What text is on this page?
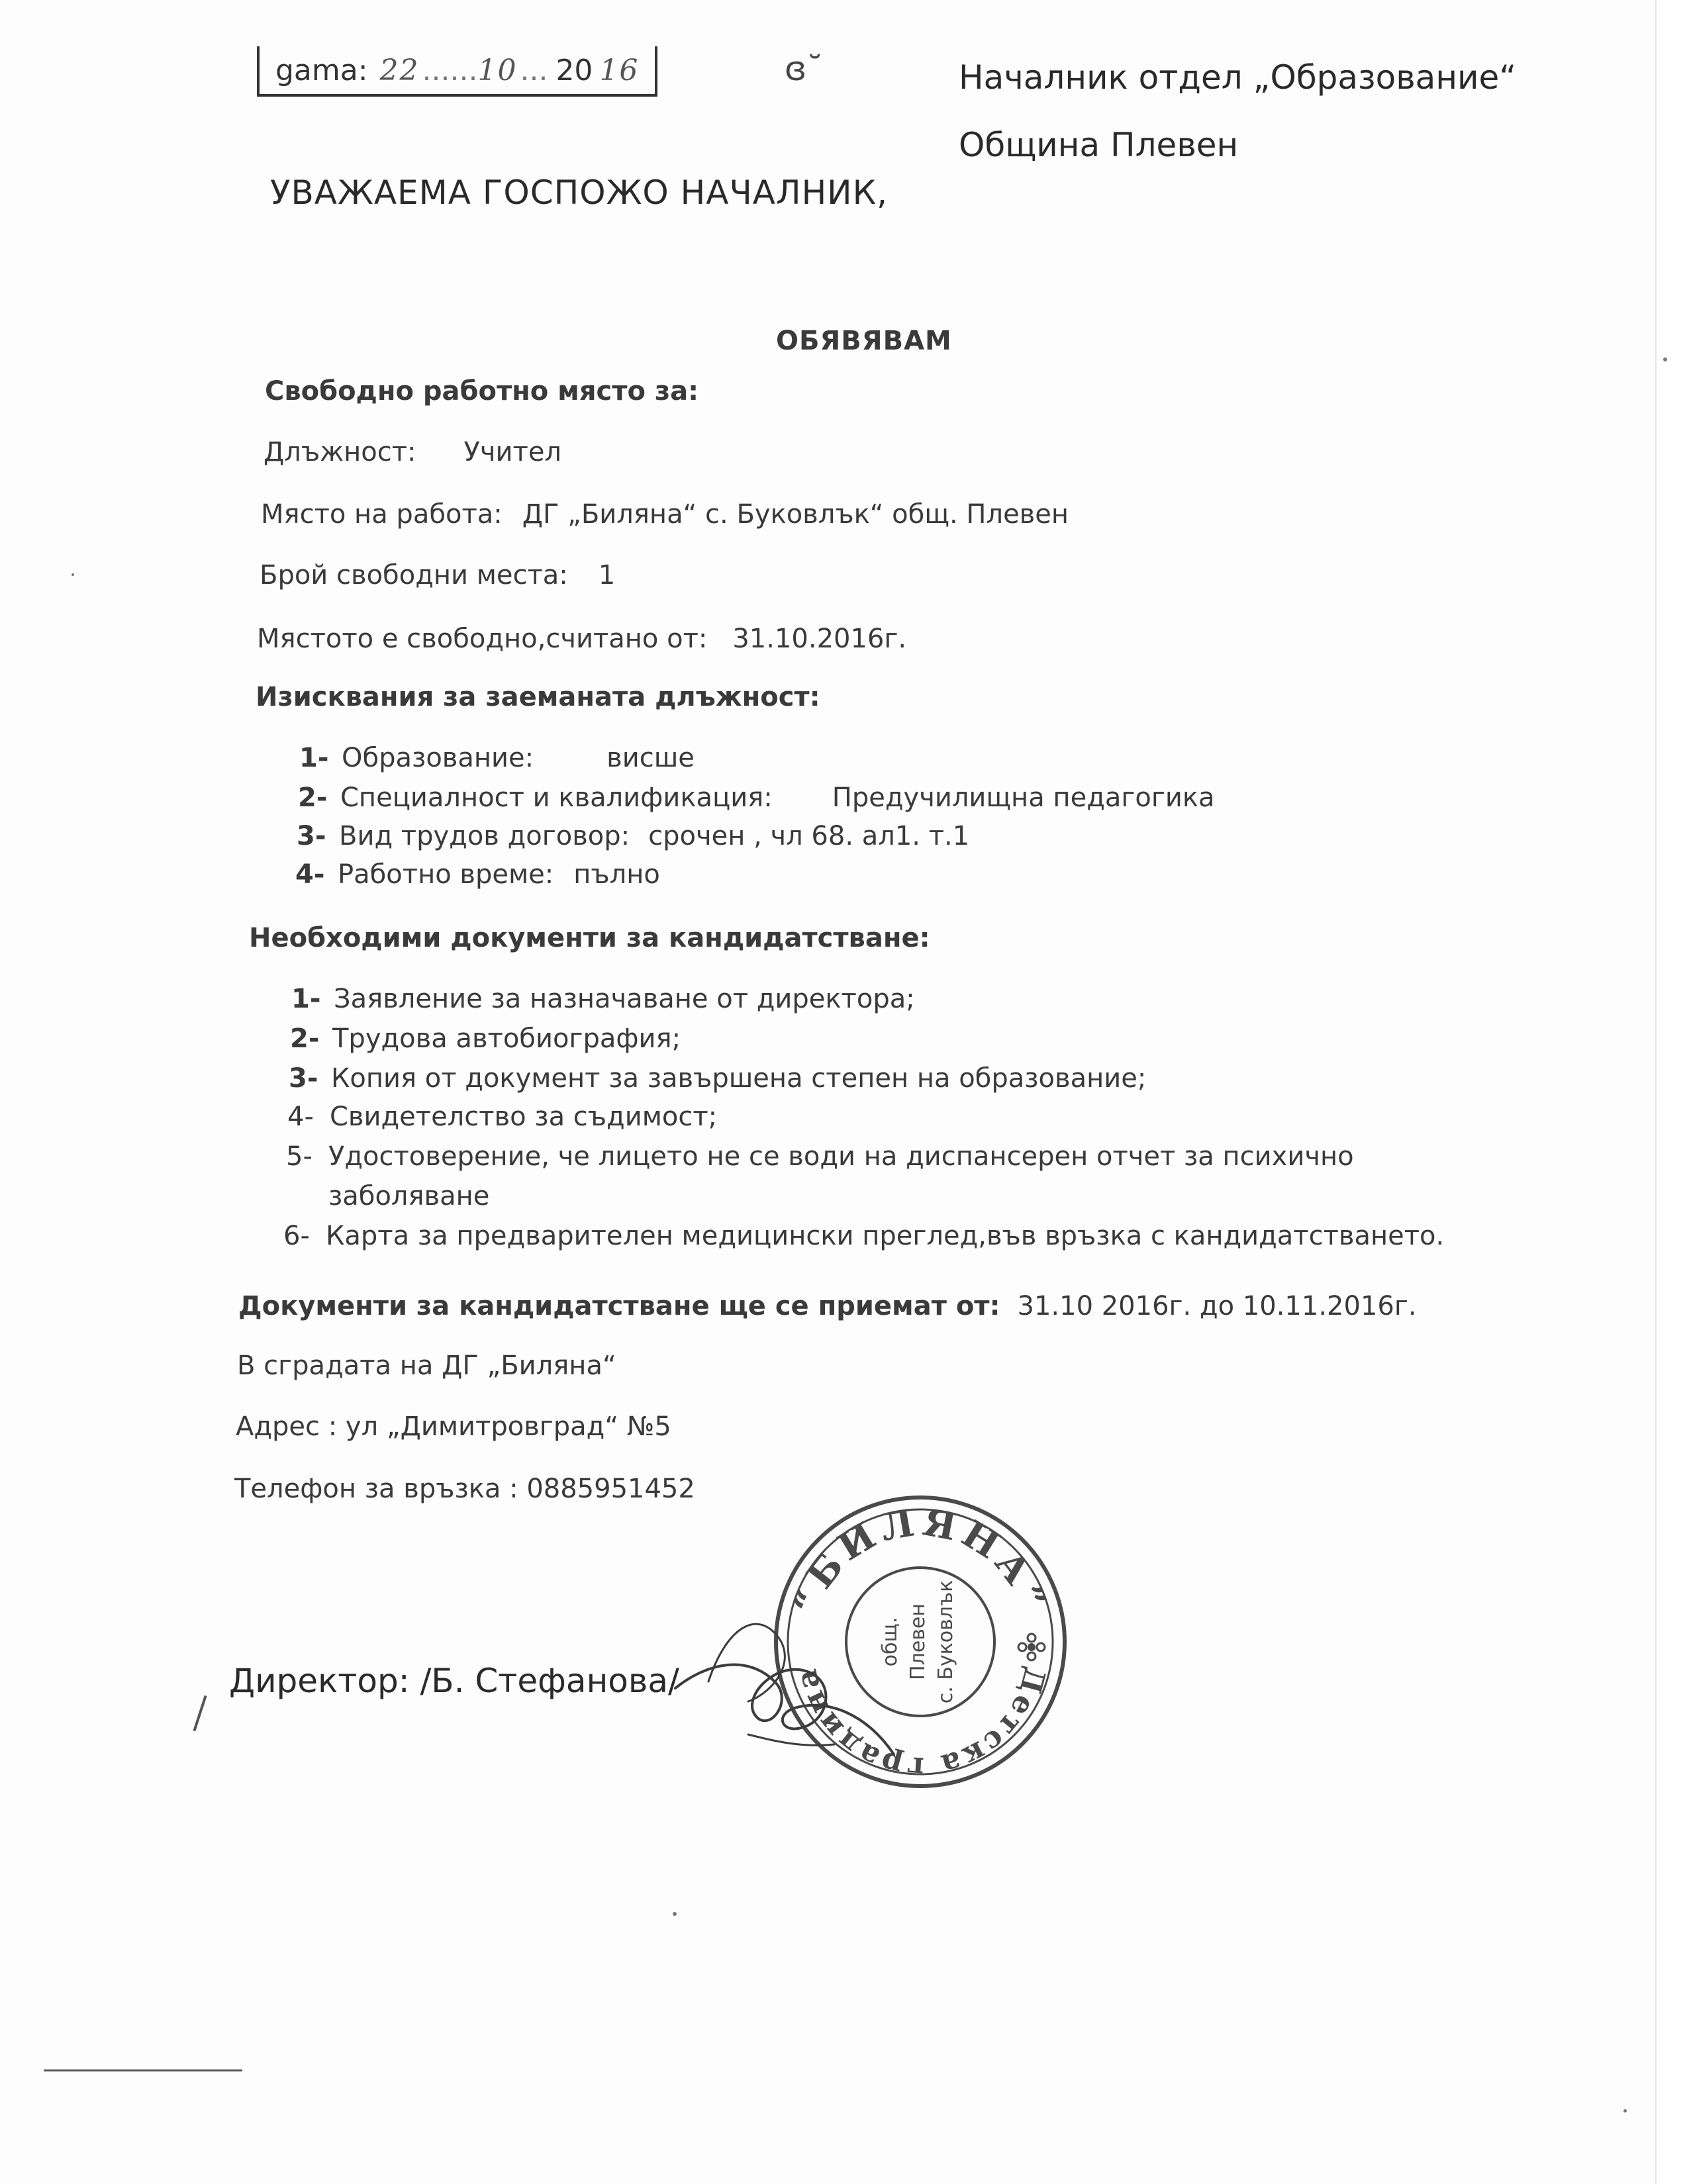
gama: 22 ...... 10 ... 20 16	ɞ˘	Началник отдел „Образование“
Община Плевен
УВАЖАЕМА ГОСПОЖО НАЧАЛНИК,
ОБЯВЯВАМ
Свободно работно място за:
Длъжност: Учител
Място на работа: ДГ „Биляна“ с. Буковлък“ общ. Плевен
Брой свободни места: 1
Мястото е свободно,считано от: 31.10.2016г.
Изисквания за заеманата длъжност:
1- Образование:	висше
2- Специалност и квалификация: Предучилищна педагогика
3- Вид трудов договор: срочен , чл 68. ал1. т.1
4- Работно време: пълно
Необходими документи за кандидатстване:
1- Заявление за назначаване от директора;
2- Трудова автобиография;
3- Копия от документ за завършена степен на образование;
4- Свидетелство за съдимост;
5- Удостоверение, че лицето не се води на диспансерен отчет за психично
заболяване
6- Карта за предварителен медицински преглед,във връзка с кандидатстването.
Документи за кандидатстване ще се приемат от: 31.10 2016г. до 10.11.2016г.
В сградата на ДГ „Биляна“
Адрес : ул „Димитровград“ №5
Телефон за връзка : 0885951452
Директор: /Б. Стефанова/
“БИЛЯНА”
Детска градина
общ. Плевен с. Буковлък
